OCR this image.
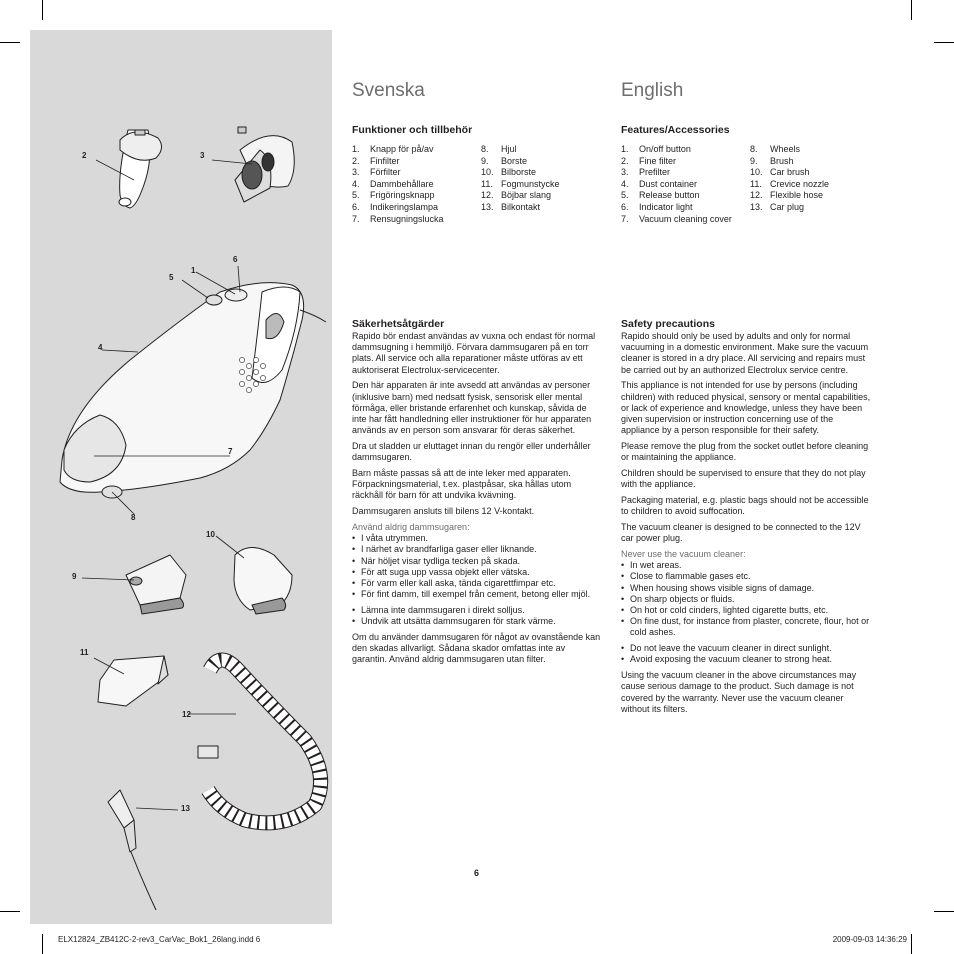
2	3
1
5
6
4
7
8
9
10
11
12
13
Svenska
Funktioner och tillbehör
1.	Knapp för på/av
2.	Finfilter
3.	Förfilter
4.	Dammbehållare
5.	Frigöringsknapp
6.	Indikeringslampa
7.	Rensugningslucka
8.	Hjul
9.	Borste
10. Bilborste
11. Fogmunstycke
12. Böjbar slang
13. Bilkontakt
Säkerhetsåtgärder

Rapido bör endast användas av vuxna och endast för normal dammsugning i hemmiljö. Förvara dammsugaren på en torr plats. All service och alla reparationer måste utföras av ett auktoriserat Electrolux-servicecenter.

Den här apparaten är inte avsedd att användas av personer (inklusive barn) med nedsatt fysisk, sensorisk eller mental förmåga, eller bristande erfarenhet och kunskap, såvida de inte har fått handledning eller instruktioner för hur apparaten används av en person som ansvarar för deras säkerhet.

Dra ut sladden ur eluttaget innan du rengör eller underhåller dammsugaren.

Barn måste passas så att de inte leker med apparaten. Förpackningsmaterial, t.ex. plastpåsar, ska hållas utom räckhåll för barn för att undvika kvävning.

Dammsugaren ansluts till bilens 12 V-kontakt.

Använd aldrig dammsugaren:

• I våta utrymmen.
• I närhet av brandfarliga gaser eller liknande.
• När höljet visar tydliga tecken på skada.
• För att suga upp vassa objekt eller vätska.
• För varm eller kall aska, tända cigarettfimpar etc.
• För fint damm, till exempel från cement, betong eller mjöl.
• Lämna inte dammsugaren i direkt solljus.
• Undvik att utsätta dammsugaren för stark värme.

Om du använder dammsugaren för något av ovanstående kan den skadas allvarligt. Sådana skador omfattas inte av garantin. Använd aldrig dammsugaren utan filter.

English
Features/Accessories
1.	On/off button
2.	Fine filter
3.	Prefilter
4.	Dust container
5.	Release button
6.	Indicator light
7.	Vacuum cleaning cover
8.	Wheels
9.	Brush
10. Car brush
11. Crevice nozzle
12. Flexible hose
13. Car plug
Safety precautions

Rapido should only be used by adults and only for normal vacuuming in a domestic environment. Make sure the vacuum cleaner is stored in a dry place. All servicing and repairs must be carried out by an authorized Electrolux service centre.

This appliance is not intended for use by persons (including children) with reduced physical, sensory or mental capabilities, or lack of experience and knowledge, unless they have been given supervision or instruction concerning use of the appliance by a person responsible for their safety.

Please remove the plug from the socket outlet before cleaning or maintaining the appliance.

Children should be supervised to ensure that they do not play with the appliance.

Packaging material, e.g. plastic bags should not be accessible to children to avoid suffocation.

The vacuum cleaner is designed to be connected to the 12V car power plug.

Never use the vacuum cleaner:

• In wet areas.
• Close to flammable gases etc.
• When housing shows visible signs of damage.
• On sharp objects or fluids.
• On hot or cold cinders, lighted cigarette butts, etc.
• On fine dust, for instance from plaster, concrete, flour, hot or cold ashes.
• Do not leave the vacuum cleaner in direct sunlight.
• Avoid exposing the vacuum cleaner to strong heat.

Using the vacuum cleaner in the above circumstances may cause serious damage to the product. Such damage is not covered by the warranty. Never use the vacuum cleaner without its filters.

6
ELX12824_ZB412C-2-rev3_CarVac_Bok1_26lang.indd 6	2009-09-03 14:36:29
